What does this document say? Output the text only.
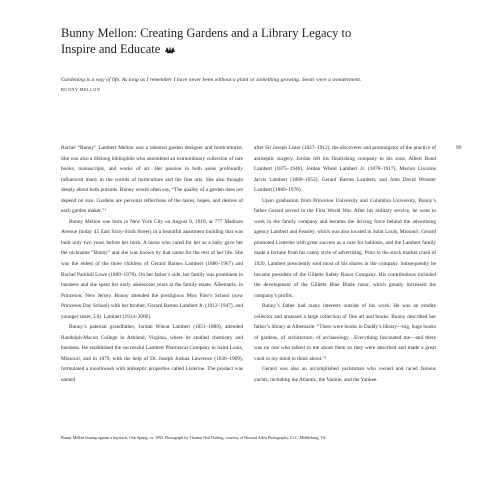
Bunny Mellon: Creating Gardens and a Library Legacy to Inspire and Educate
Gardening is a way of life. As long as I remember I have never been without a plant or something growing. Seeds were a wonderment.
BUNNY MELLON

Rachel “Bunny” Lambert Mellon was a talented garden designer and horticulturist. She was also a lifelong bibliophile who assembled an extraordinary collection of rare books, manuscripts, and works of art. Her passion in both areas profoundly influenced many in the worlds of horticulture and the fine arts. She also thought deeply about both pursuits. Bunny would often say, “The quality of a garden does not depend on size. Gardens are personal reflections of the tastes, hopes, and desires of each garden maker.”¹

Bunny Mellon was born in New York City on August 9, 1910, at 777 Madison Avenue (today 45 East Sixty-Sixth Street) in a beautiful apartment building that was built only two years before her birth. A nurse who cared for her as a baby gave her the nickname “Bunny” and she was known by that name for the rest of her life. She was the eldest of the three children of Gerard Barnes Lambert (1886–1967) and Rachel Parkhill Lowe (1889–1978). On her father’s side, her family was prominent in business and she spent her early adolescent years at the family estate, Albemarle, in Princeton, New Jersey. Bunny attended the prestigious Miss Fine’s School (now Princeton Day School) with her brother, Gerard Barnes Lambert Jr. (1912–1947), and younger sister, Lily Lambert (1914–2006).

Bunny’s paternal grandfather, Jordan Wheat Lambert (1851–1889), attended Randolph-Macon College in Ashland, Virginia, where he studied chemistry and business. He established the successful Lambert Pharmacal Company in Saint Louis, Missouri, and in 1879, with the help of Dr. Joseph Joshua Lawrence (1836–1909), formulated a mouthwash with antiseptic properties called Listerine. The product was named

after Sir Joseph Lister (1827–1912), the discoverer and promulgator of the practice of antiseptic surgery. Jordan left his flourishing company to his sons, Albert Bond Lambert (1875–1946), Jordan Wheat Lambert Jr. (1878–1917), Marion Liscome Jarvis Lambert (1880–1952), Gerard Barnes Lambert, and John David Wooster Lambert (1889–1976).

Upon graduation from Princeton University and Columbia University, Bunny’s father Gerard served in the First World War. After his military service, he went to work in the family company and became the driving force behind the advertising agency Lambert and Feasley, which was also located in Saint Louis, Missouri. Gerard promoted Listerine with great success as a cure for halitosis, and the Lambert family made a fortune from his canny style of advertising. Prior to the stock market crash of 1929, Lambert presciently sold most of his shares in the company. Subsequently he became president of the Gillette Safety Razor Company. His contributions included the development of the Gillette Blue Blade razor, which greatly increased the company’s profits.

Bunny’s father had many interests outside of his work. He was an erudite collector and amassed a large collection of fine art and books. Bunny described her father’s library at Albemarle: “There were books in Daddy’s library—big, huge books of gardens, of architecture, of archaeology…Everything fascinated me—and there was no one who talked to me about them so they were absorbed and made a great vault in my mind to think about.”²

Gerard was also an accomplished yachtsman who owned and raced famous yachts, including the Atlantic, the Vanitie, and the Yankee.

99
Bunny Mellon leaning against a haystack, Oak Spring, ca. 1992. Photograph by Thomas Neil Darling, courtesy of Howard Allen Photography, LLC, Middleburg, VA.
